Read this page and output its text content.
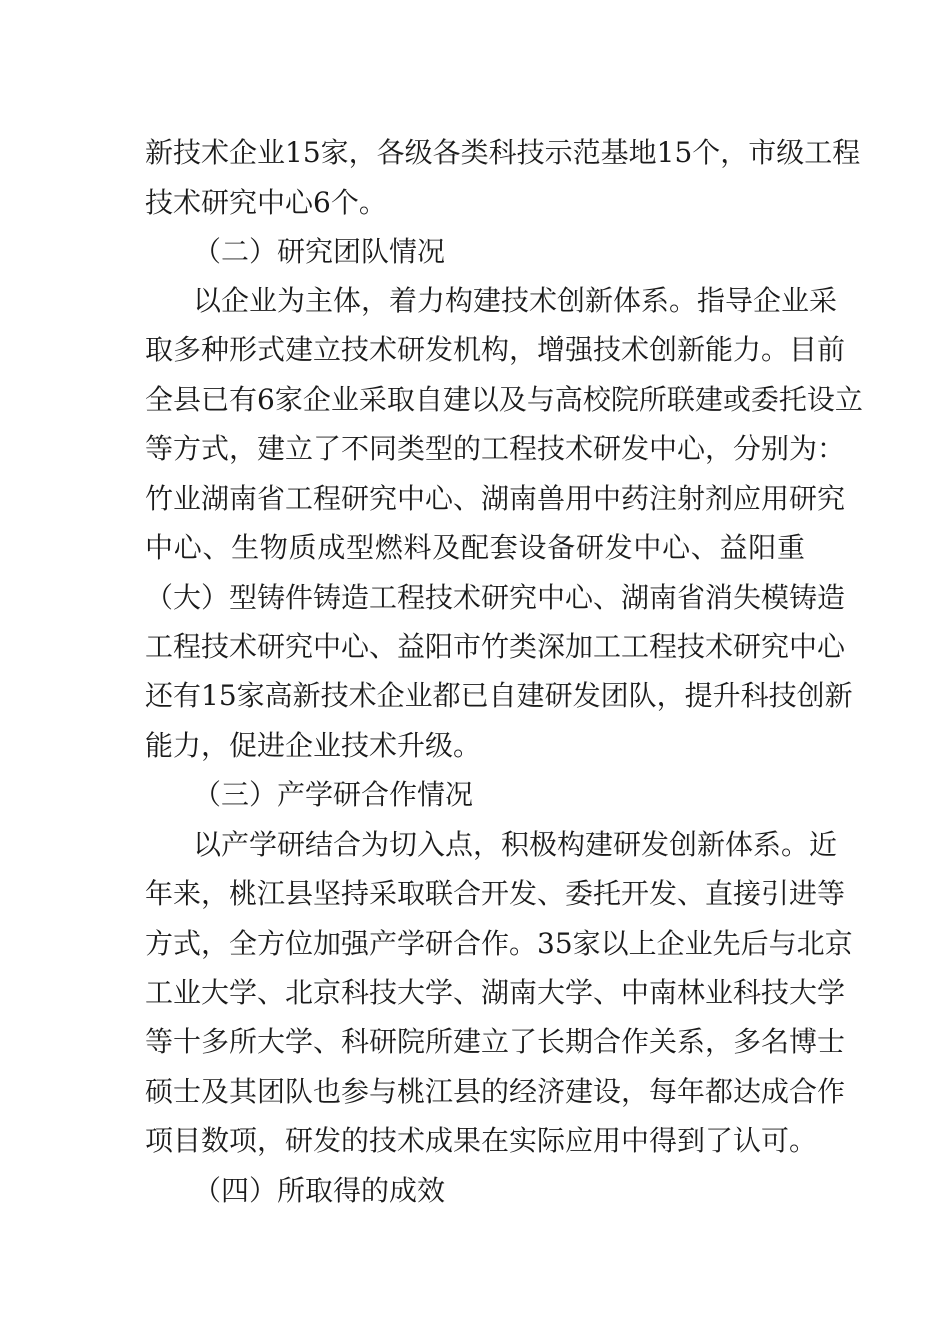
新技术企业15家，各级各类科技示范基地15个，市级工程
技术研究中心6个。
（二）研究团队情况
以企业为主体，着力构建技术创新体系。指导企业采
取多种形式建立技术研发机构，增强技术创新能力。目前
全县已有6家企业采取自建以及与高校院所联建或委托设立
等方式，建立了不同类型的工程技术研发中心，分别为：
竹业湖南省工程研究中心、湖南兽用中药注射剂应用研究
中心、生物质成型燃料及配套设备研发中心、益阳重
（大）型铸件铸造工程技术研究中心、湖南省消失模铸造
工程技术研究中心、益阳市竹类深加工工程技术研究中心
还有15家高新技术企业都已自建研发团队，提升科技创新
能力，促进企业技术升级。
（三）产学研合作情况
以产学研结合为切入点，积极构建研发创新体系。近
年来，桃江县坚持采取联合开发、委托开发、直接引进等
方式，全方位加强产学研合作。35家以上企业先后与北京
工业大学、北京科技大学、湖南大学、中南林业科技大学
等十多所大学、科研院所建立了长期合作关系，多名博士
硕士及其团队也参与桃江县的经济建设，每年都达成合作
项目数项，研发的技术成果在实际应用中得到了认可。
（四）所取得的成效
